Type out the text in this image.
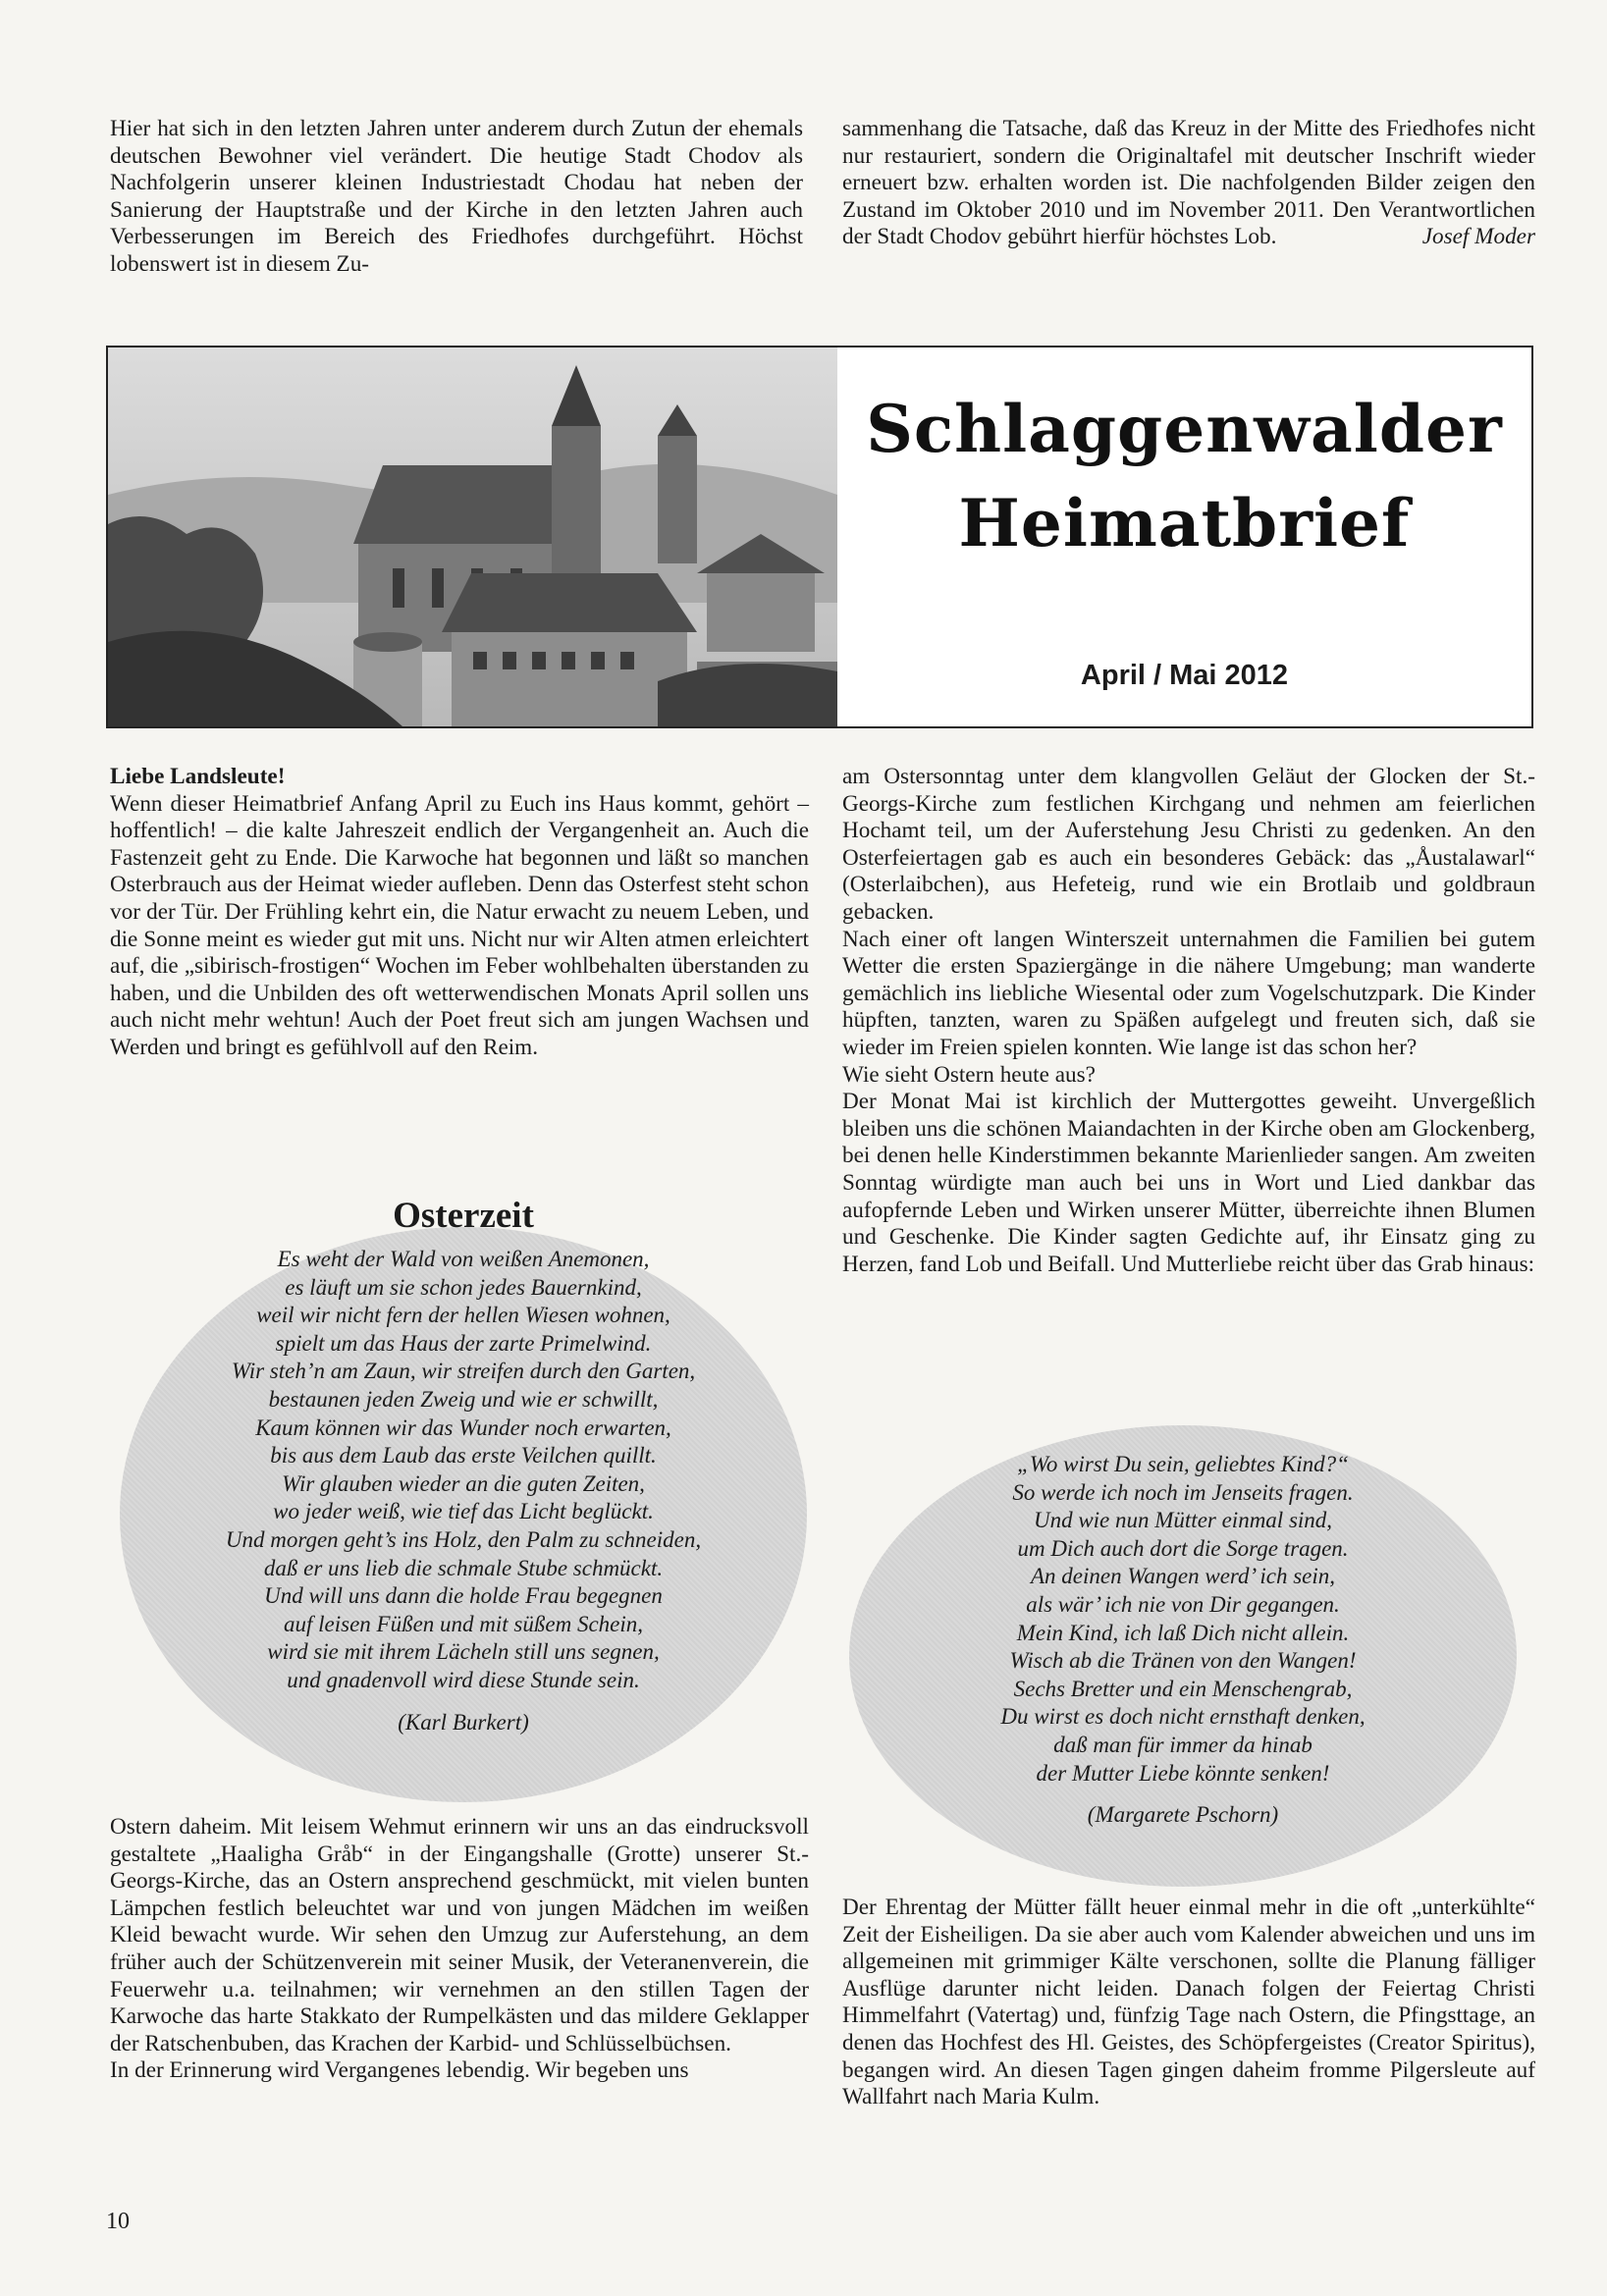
Hier hat sich in den letzten Jahren unter anderem durch Zutun der ehemals deutschen Bewohner viel verändert. Die heutige Stadt Chodov als Nachfolgerin unserer kleinen Industriestadt Chodau hat neben der Sanierung der Hauptstraße und der Kirche in den letzten Jahren auch Verbesserungen im Bereich des Friedhofes durchgeführt. Höchst lobenswert ist in diesem Zu-

sammenhang die Tatsache, daß das Kreuz in der Mitte des Friedhofes nicht nur restauriert, sondern die Originaltafel mit deutscher Inschrift wieder erneuert bzw. erhalten worden ist. Die nachfolgenden Bilder zeigen den Zustand im Oktober 2010 und im November 2011. Den Verantwortlichen der Stadt Chodov gebührt hierfür höchstes Lob.	Josef Moder

Schlaggenwalder
Heimatbrief
April / Mai 2012

Liebe Landsleute!

Wenn dieser Heimatbrief Anfang April zu Euch ins Haus kommt, gehört – hoffentlich! – die kalte Jahreszeit endlich der Vergangenheit an. Auch die Fastenzeit geht zu Ende. Die Karwoche hat begonnen und läßt so manchen Osterbrauch aus der Heimat wieder aufleben. Denn das Osterfest steht schon vor der Tür. Der Frühling kehrt ein, die Natur erwacht zu neuem Leben, und die Sonne meint es wieder gut mit uns. Nicht nur wir Alten atmen erleichtert auf, die „sibirisch-frostigen“ Wochen im Feber wohlbehalten überstanden zu haben, und die Unbilden des oft wetterwendischen Monats April sollen uns auch nicht mehr wehtun! Auch der Poet freut sich am jungen Wachsen und Werden und bringt es gefühlvoll auf den Reim.

Osterzeit
Es weht der Wald von weißen Anemonen,
es läuft um sie schon jedes Bauernkind,
weil wir nicht fern der hellen Wiesen wohnen,
spielt um das Haus der zarte Primelwind.
Wir steh’n am Zaun, wir streifen durch den Garten,
bestaunen jeden Zweig und wie er schwillt,
Kaum können wir das Wunder noch erwarten,
bis aus dem Laub das erste Veilchen quillt.
Wir glauben wieder an die guten Zeiten,
wo jeder weiß, wie tief das Licht beglückt.
Und morgen geht’s ins Holz, den Palm zu schneiden,
daß er uns lieb die schmale Stube schmückt.
Und will uns dann die holde Frau begegnen
auf leisen Füßen und mit süßem Schein,
wird sie mit ihrem Lächeln still uns segnen,
und gnadenvoll wird diese Stunde sein.
(Karl Burkert)

Ostern daheim. Mit leisem Wehmut erinnern wir uns an das eindrucksvoll gestaltete „Haaligha Gråb“ in der Eingangshalle (Grotte) unserer St.-Georgs-Kirche, das an Ostern ansprechend geschmückt, mit vielen bunten Lämpchen festlich beleuchtet war und von jungen Mädchen im weißen Kleid bewacht wurde. Wir sehen den Umzug zur Auferstehung, an dem früher auch der Schützenverein mit seiner Musik, der Veteranenverein, die Feuerwehr u.a. teilnahmen; wir vernehmen an den stillen Tagen der Karwoche das harte Stakkato der Rumpelkästen und das mildere Geklapper der Ratschenbuben, das Krachen der Karbid- und Schlüsselbüchsen.

In der Erinnerung wird Vergangenes lebendig. Wir begeben uns

am Ostersonntag unter dem klangvollen Geläut der Glocken der St.-Georgs-Kirche zum festlichen Kirchgang und nehmen am feierlichen Hochamt teil, um der Auferstehung Jesu Christi zu gedenken. An den Osterfeiertagen gab es auch ein besonderes Gebäck: das „Åustalawarl“ (Osterlaibchen), aus Hefeteig, rund wie ein Brotlaib und goldbraun gebacken.

Nach einer oft langen Winterszeit unternahmen die Familien bei gutem Wetter die ersten Spaziergänge in die nähere Umgebung; man wanderte gemächlich ins liebliche Wiesental oder zum Vogelschutzpark. Die Kinder hüpften, tanzten, waren zu Späßen aufgelegt und freuten sich, daß sie wieder im Freien spielen konnten. Wie lange ist das schon her?

Wie sieht Ostern heute aus?

Der Monat Mai ist kirchlich der Muttergottes geweiht. Unvergeßlich bleiben uns die schönen Maiandachten in der Kirche oben am Glockenberg, bei denen helle Kinderstimmen bekannte Marienlieder sangen. Am zweiten Sonntag würdigte man auch bei uns in Wort und Lied dankbar das aufopfernde Leben und Wirken unserer Mütter, überreichte ihnen Blumen und Geschenke. Die Kinder sagten Gedichte auf, ihr Einsatz ging zu Herzen, fand Lob und Beifall. Und Mutterliebe reicht über das Grab hinaus:

„Wo wirst Du sein, geliebtes Kind?“
So werde ich noch im Jenseits fragen.
Und wie nun Mütter einmal sind,
um Dich auch dort die Sorge tragen.
An deinen Wangen werd’ ich sein,
als wär’ ich nie von Dir gegangen.
Mein Kind, ich laß Dich nicht allein.
Wisch ab die Tränen von den Wangen!
Sechs Bretter und ein Menschengrab,
Du wirst es doch nicht ernsthaft denken,
daß man für immer da hinab
der Mutter Liebe könnte senken!
(Margarete Pschorn)

Der Ehrentag der Mütter fällt heuer einmal mehr in die oft „unterkühlte“ Zeit der Eisheiligen. Da sie aber auch vom Kalender abweichen und uns im allgemeinen mit grimmiger Kälte verschonen, sollte die Planung fälliger Ausflüge darunter nicht leiden. Danach folgen der Feiertag Christi Himmelfahrt (Vatertag) und, fünfzig Tage nach Ostern, die Pfingsttage, an denen das Hochfest des Hl. Geistes, des Schöpfergeistes (Creator Spiritus), begangen wird. An diesen Tagen gingen daheim fromme Pilgersleute auf Wallfahrt nach Maria Kulm.

10
